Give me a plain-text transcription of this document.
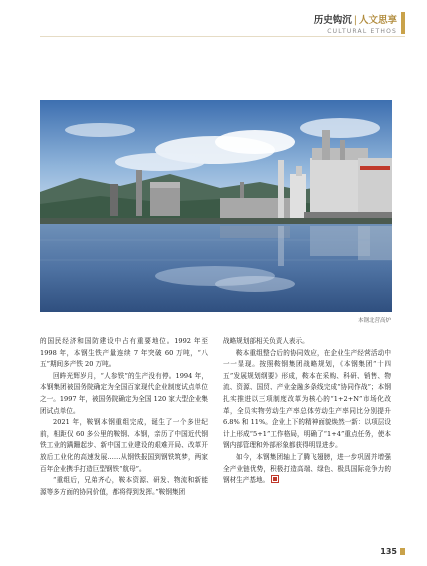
历史钩沉 | 人文思享
CULTURAL ETHOS
本钢北营高炉

的国民经济和国防建设中占有重要地位。1992 年至 1998 年，本钢生铁产量连续 7 年突破 60 万吨，“八五”期间多产铁 20 万吨。

回眸光辉岁月，“人参铁”的生产没有停。1994 年，本钢集团被国务院确定为全国百家现代企业制度试点单位之一。1997 年，被国务院确定为全国 120 家大型企业集团试点单位。

2021 年，鞍钢本钢重组完成，诞生了一个多世纪前，相距仅 60 多公里的鞍钢、本钢，亲历了中国近代钢铁工业的蹒跚起步、新中国工业建设的艰难开局、改革开放后工业化的高速发展……从钢铁报国到钢铁筑梦，两家百年企业携手打造巨型钢铁“航母”。

“重组后，兄弟齐心，鞍本资源、研发、物流和新能源等多方面的协同价值，都将得到发挥。”鞍钢集团

战略规划部相关负责人表示。

鞍本重组整合后的协同效应，在企业生产经营活动中一一显现。按照鞍钢集团战略规划，《本钢集团“十四五”发展规划纲要》形成，鞍本在采购、科研、销售、物流、资源、国贸、产业金融多条线完成“协同作战”；本钢扎实推进以三项制度改革为核心的“1+2+N”市场化改革，全员实物劳动生产率总体劳动生产率同比分别提升 6.8% 和 11%。企业上下的精神面貌焕然一新：以项层设计上形成“5+1”工作格局，明确了“1+4”重点任务，使本钢内部管理和外部形象都获得明显进步。

如今，本钢集团轴上了腾飞翅膀，进一步巩固并增强全产业链优势，积极打造高端、绿色、极具国际竞争力的钢材生产基地。

135
